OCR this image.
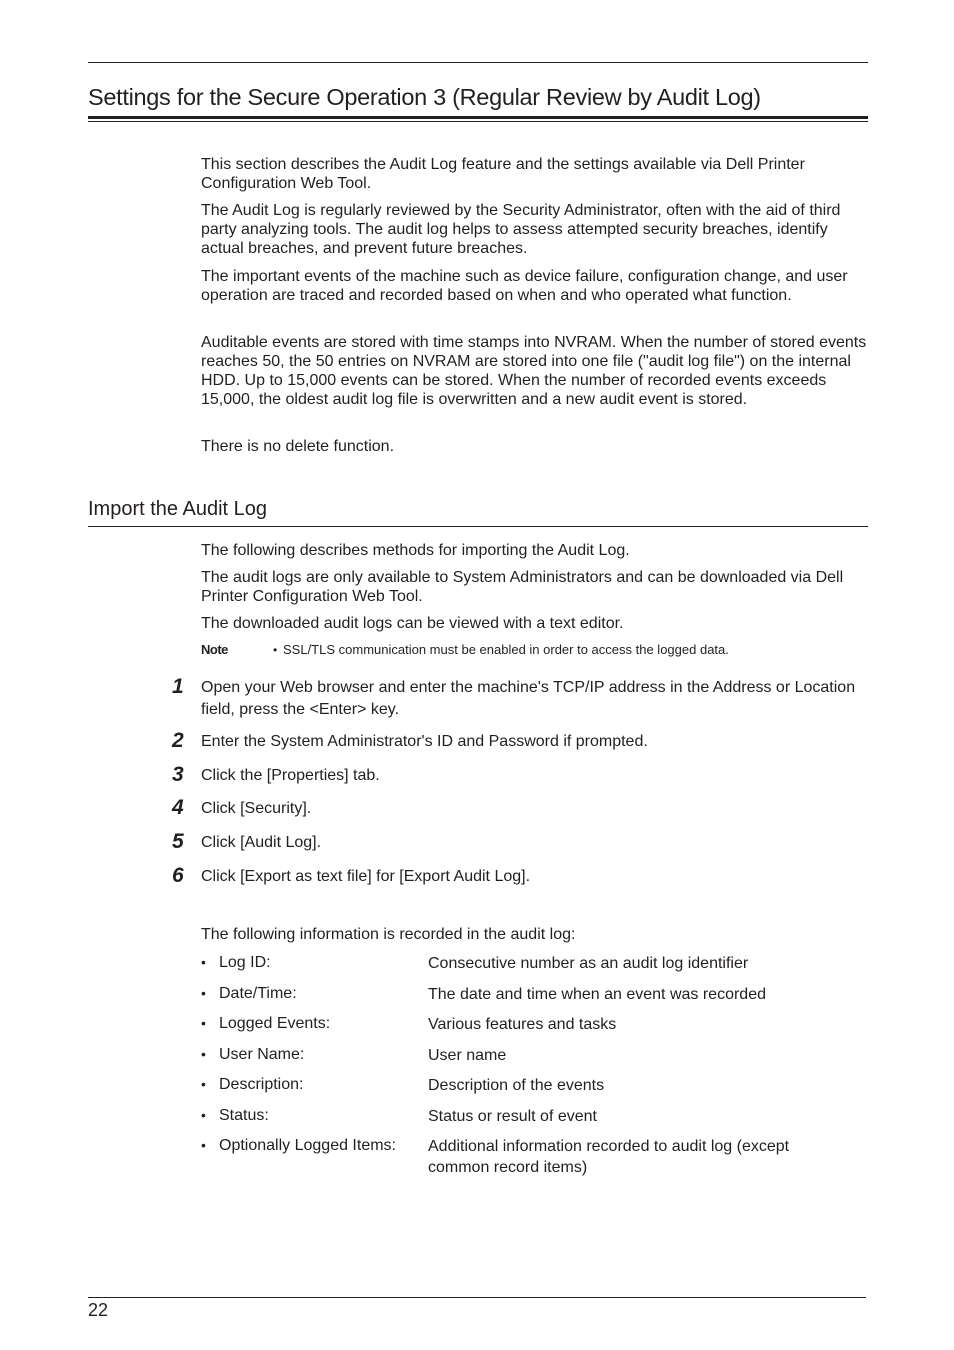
Settings for the Secure Operation 3 (Regular Review by Audit Log)

This section describes the Audit Log feature and the settings available via Dell Printer Configuration Web Tool.

The Audit Log is regularly reviewed by the Security Administrator, often with the aid of third party analyzing tools. The audit log helps to assess attempted security breaches, identify actual breaches, and prevent future breaches.

The important events of the machine such as device failure, configuration change, and user operation are traced and recorded based on when and who operated what function.

Auditable events are stored with time stamps into NVRAM. When the number of stored events reaches 50, the 50 entries on NVRAM are stored into one file ("audit log file") on the internal HDD. Up to 15,000 events can be stored. When the number of recorded events exceeds 15,000, the oldest audit log file is overwritten and a new audit event is stored.

There is no delete function.

Import the Audit Log

The following describes methods for importing the Audit Log.

The audit logs are only available to System Administrators and can be downloaded via Dell Printer Configuration Web Tool.

The downloaded audit logs can be viewed with a text editor.

Note	• SSL/TLS communication must be enabled in order to access the logged data.
1 Open your Web browser and enter the machine's TCP/IP address in the Address or Location field, press the <Enter> key.
2 Enter the System Administrator's ID and Password if prompted.
3 Click the [Properties] tab.
4 Click [Security].
5 Click [Audit Log].
6 Click [Export as text file] for [Export Audit Log].

The following information is recorded in the audit log:

• Log ID:	Consecutive number as an audit log identifier
• Date/Time:	The date and time when an event was recorded
• Logged Events:	Various features and tasks
• User Name:	User name
• Description:	Description of the events
• Status:	Status or result of event
• Optionally Logged Items: Additional information recorded to audit log (except common record items)
22
